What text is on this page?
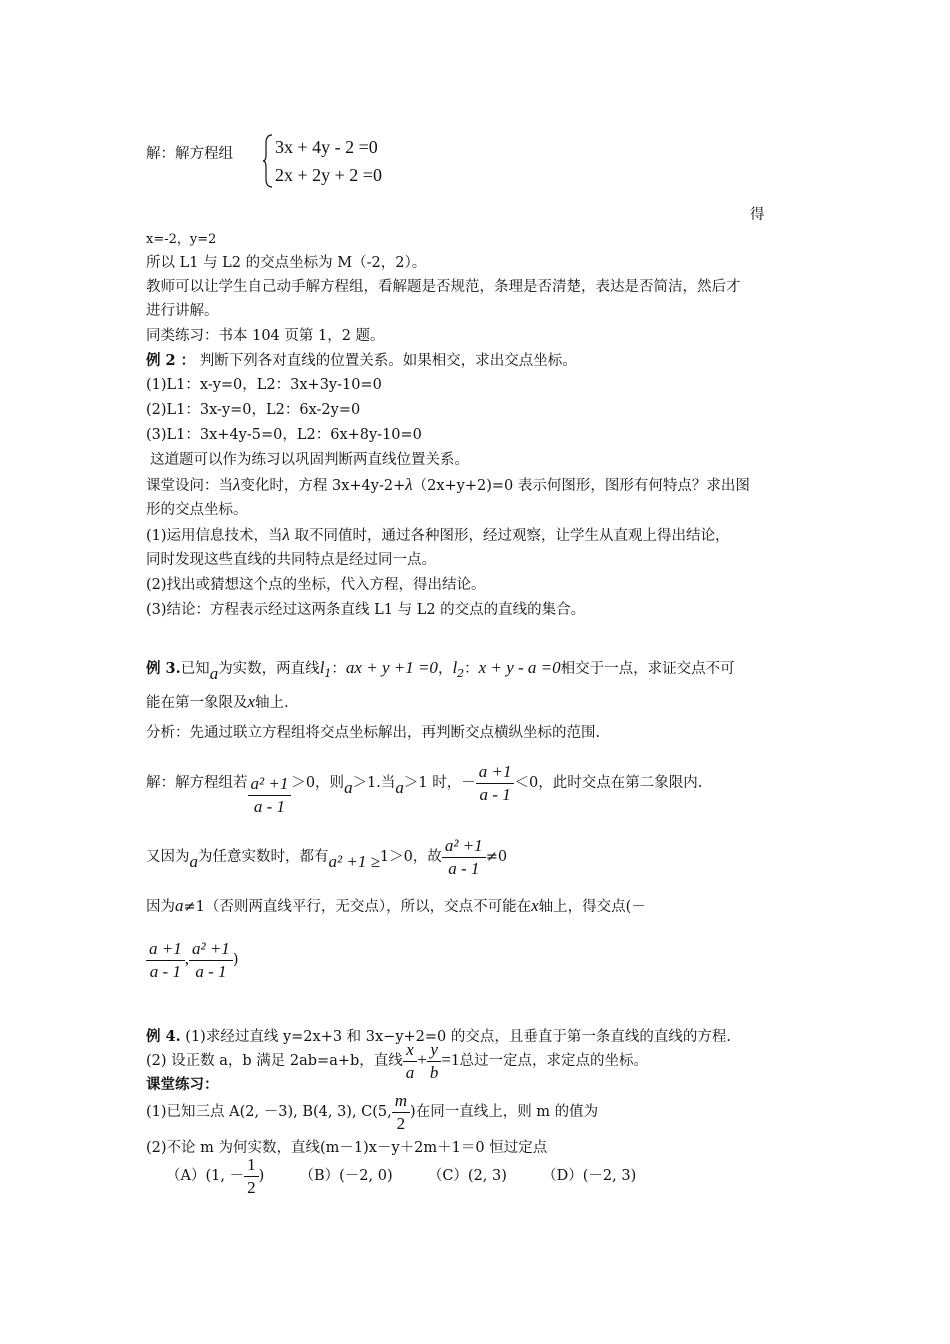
解：解方程组 3x + 4y - 2 =0
2x + 2y + 2 =0
得
x=-2，y=2
所以 L1 与 L2 的交点坐标为 M（-2，2）。
教师可以让学生自己动手解方程组，看解题是否规范，条理是否清楚，表达是否简洁，然后才
进行讲解。
同类练习：书本 104 页第 1，2 题。
例 2 ： 判断下列各对直线的位置关系。如果相交，求出交点坐标。
(1)L1：x-y=0，L2：3x+3y-10=0
(2)L1：3x-y=0，L2：6x-2y=0
(3)L1：3x+4y-5=0，L2：6x+8y-10=0
这道题可以作为练习以巩固判断两直线位置关系。
课堂设问：当λ变化时，方程 3x+4y-2+λ（2x+y+2)=0 表示何图形，图形有何特点？求出图
形的交点坐标。
(1)运用信息技术，当λ 取不同值时，通过各种图形，经过观察，让学生从直观上得出结论，
同时发现这些直线的共同特点是经过同一点。
(2)找出或猜想这个点的坐标，代入方程，得出结论。
(3)结论：方程表示经过这两条直线 L1 与 L2 的交点的直线的集合。
例 3.已知a为实数，两直线$l_1$：ax + y +1 =0，$l_2$：x + y - a =0相交于一点，求证交点不可
能在第一象限及x轴上.
分析：先通过联立方程组将交点坐标解出，再判断交点横纵坐标的范围.
解：解方程组若 $\frac{\text{a² +1}}{a - 1} >0$，则a＞1.当a＞1 时，－ $\frac{a +1}{a - 1} <0$，此时交点在第二象限内.
又因为a为任意实数时，都有a² +1 ≥1＞0，故 $\frac{\text{a² +1}}{a - 1} \ne 0$
因为a≠1（否则两直线平行，无交点），所以，交点不可能在x轴上，得交点(－
$\frac{a +1}{a - 1}$ , $\frac{\text{a² +1}}{a - 1}$ )
例 4. (1)求经过直线 y=2x+3 和 3x−y+2=0 的交点，且垂直于第一条直线的直线的方程.
(2) 设正数 a，b 满足 2ab=a+b，直线 $\frac{x}{a} + \frac{y}{b} =1$总过一定点，求定点的坐标。
课堂练习：
(1)已知三点 A(2, －3), B(4, 3), C(5, $\frac{m}{2}$ )在同一直线上，则 m 的值为
(2)不论 m 为何实数，直线(m－1)x－y＋2m＋1＝0 恒过定点
（A）(1, － $\frac{1}{2}$ ) （B）(－2, 0) （C）(2, 3) （D）(－2, 3)
